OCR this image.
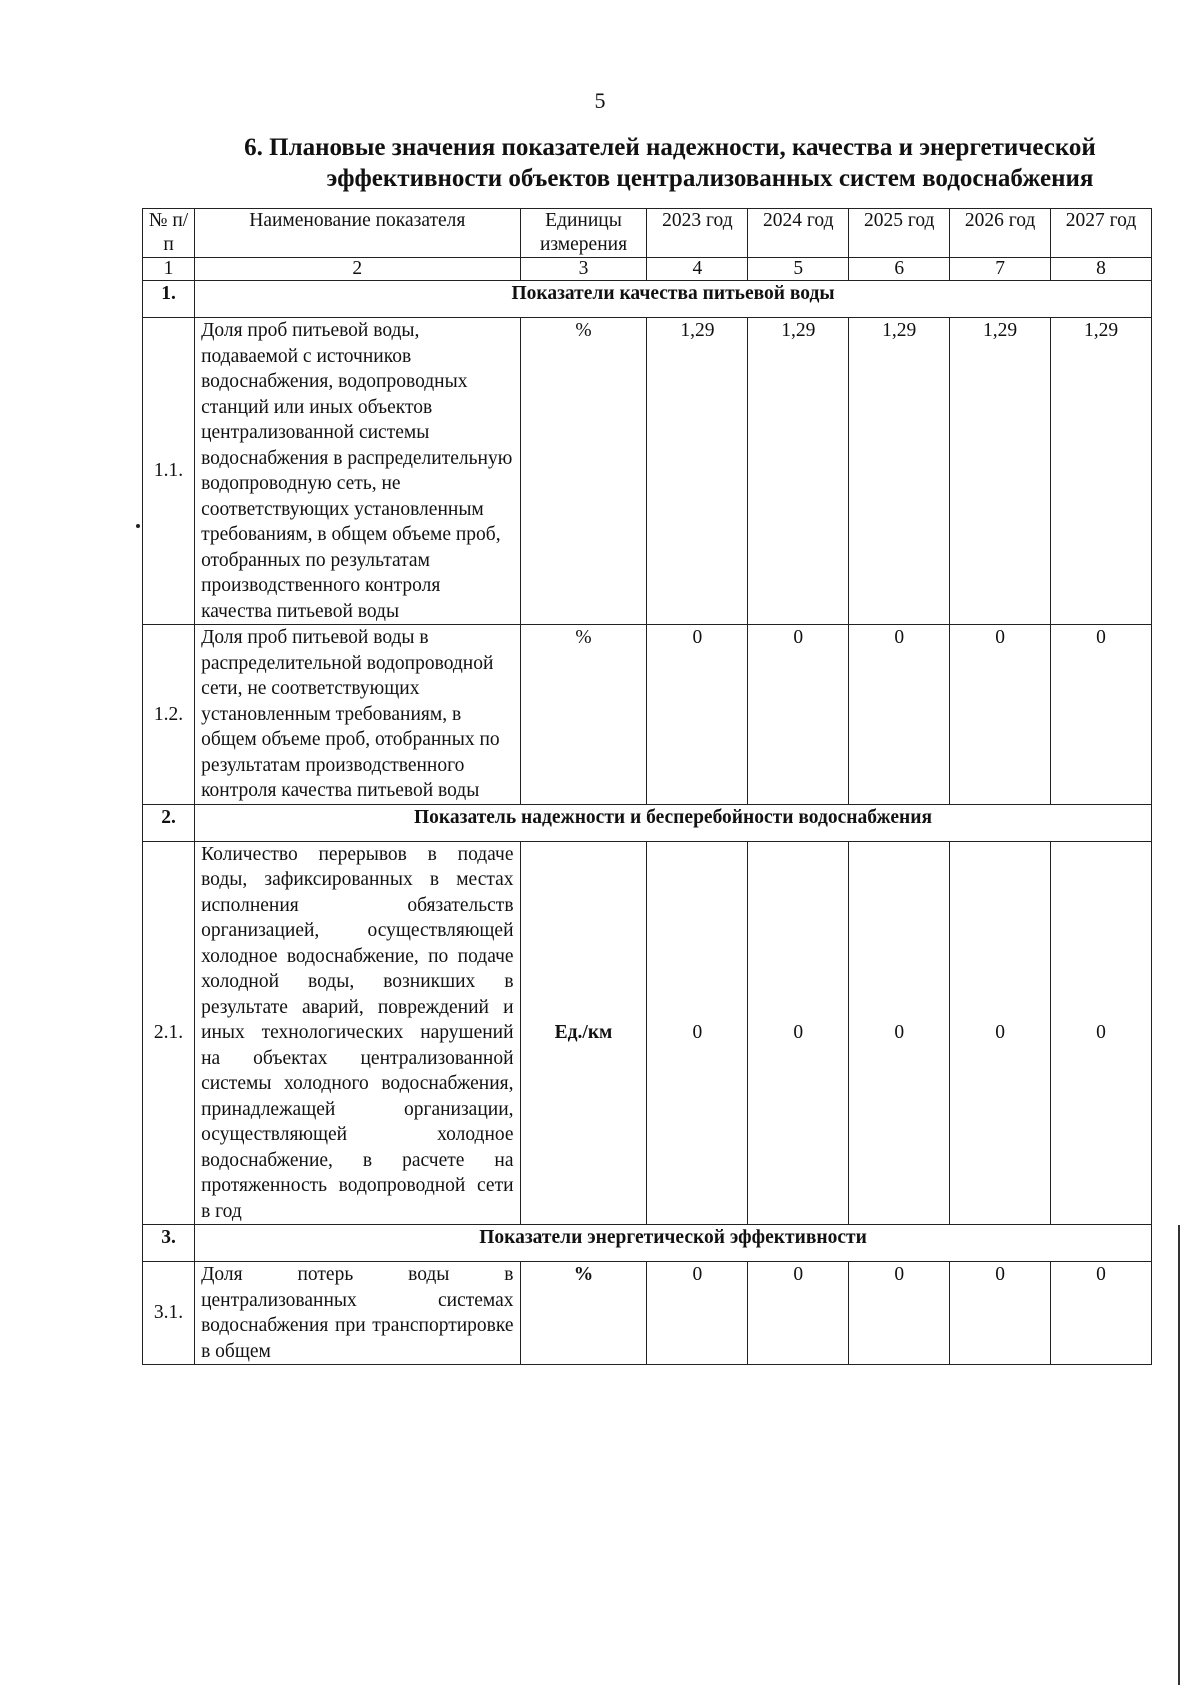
5
6. Плановые значения показателей надежности, качества и энергетической
эффективности объектов централизованных систем водоснабжения
№ п/п	Наименование показателя	Единицы измерения	2023 год	2024 год	2025 год	2026 год	2027 год
1	2	3	4	5	6	7	8
1.	Показатели качества питьевой воды						
1.1.	Доля проб питьевой воды, подаваемой с источников водоснабжения, водопроводных станций или иных объектов централизованной системы водоснабжения в распределительную водопроводную сеть, не соответствующих установленным требованиям, в общем объеме проб, отобранных по результатам производственного контроля качества питьевой воды	%	1,29	1,29	1,29	1,29	1,29
1.2.	Доля проб питьевой воды в распределительной водопроводной сети, не соответствующих установленным требованиям, в общем объеме проб, отобранных по результатам производственного контроля качества питьевой воды	%	0	0	0	0	0
2.	Показатель надежности и бесперебойности водоснабжения						
2.1.	Количество перерывов в подаче воды, зафиксированных в местах исполнения обязательств организацией, осуществляющей холодное водоснабжение, по подаче холодной воды, возникших в результате аварий, повреждений и иных технологических нарушений на объектах централизованной системы холодного водоснабжения, принадлежащей организации, осуществляющей холодное водоснабжение, в расчете на протяженность водопроводной сети в год	Ед./км	0	0	0	0	0
3.	Показатели энергетической эффективности						
3.1.	Доля потерь воды в централизованных системах водоснабжения при транспортировке в общем	%	0	0	0	0	0
